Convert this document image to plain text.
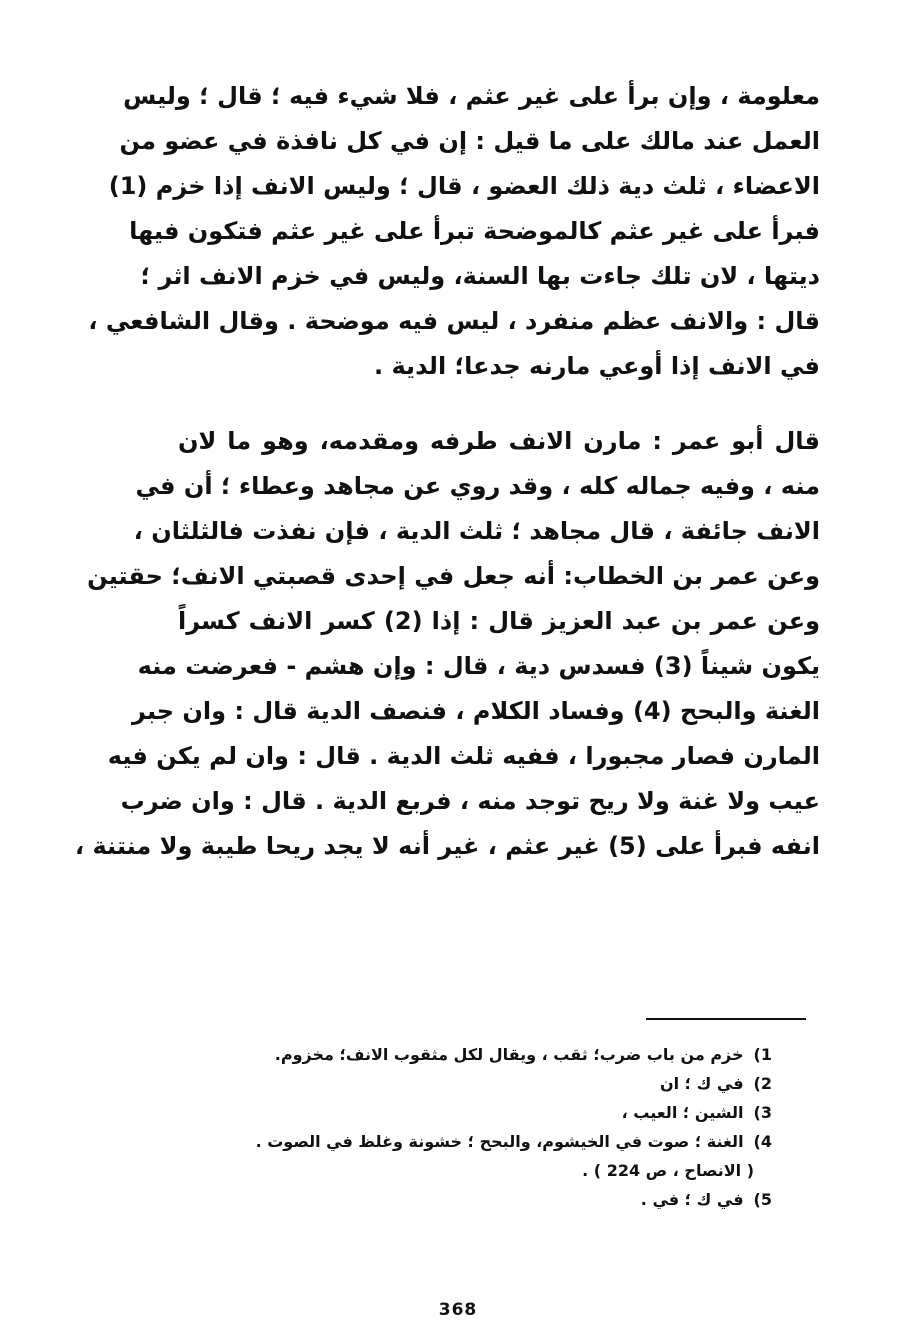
معلومة ، وإن برأ على غير عثم ، فلا شيء فيه ؛ قال ؛ وليس
العمل عند مالك على ما قيل : إن في كل نافذة في عضو من
الاعضاء ، ثلث دية ذلك العضو ، قال ؛ وليس الانف إذا خزم (1)
فبرأ على غير عثم كالموضحة تبرأ على غير عثم فتكون فيها
ديتها ، لان تلك جاءت بها السنة، وليس في خزم الانف اثر ؛
قال : والانف عظم منفرد ، ليس فيه موضحة . وقال الشافعي ،
في الانف إذا أوعي مارنه جدعا؛ الدية .
قال أبو عمر : مارن الانف طرفه ومقدمه، وهو ما لان
منه ، وفيه جماله كله ، وقد روي عن مجاهد وعطاء ؛ أن في
الانف جائفة ، قال مجاهد ؛ ثلث الدية ، فإن نفذت فالثلثان ،
وعن عمر بن الخطاب: أنه جعل في إحدى قصبتي الانف؛ حقتين
وعن عمر بن عبد العزيز قال : إذا (2) كسر الانف كسراً
يكون شيناً (3) فسدس دية ، قال : وإن هشم - فعرضت منه
الغنة والبحح (4) وفساد الكلام ، فنصف الدية قال : وان جبر
المارن فصار مجبورا ، ففيه ثلث الدية . قال : وان لم يكن فيه
عيب ولا غنة ولا ريح توجد منه ، فربع الدية . قال : وان ضرب
انفه فبرأ على (5) غير عثم ، غير أنه لا يجد ريحا طيبة ولا منتنة ،
1)خزم من باب ضرب؛ ثقب ، ويقال لكل مثقوب الانف؛ مخزوم.
2)في ك ؛ ان
3)الشين ؛ العيب ،
4)الغنة ؛ صوت في الخيشوم، والبحح ؛ خشونة وغلظ في الصوت .
( الانصاح ، ص 224 ) .
5)في ك ؛ في .
368
